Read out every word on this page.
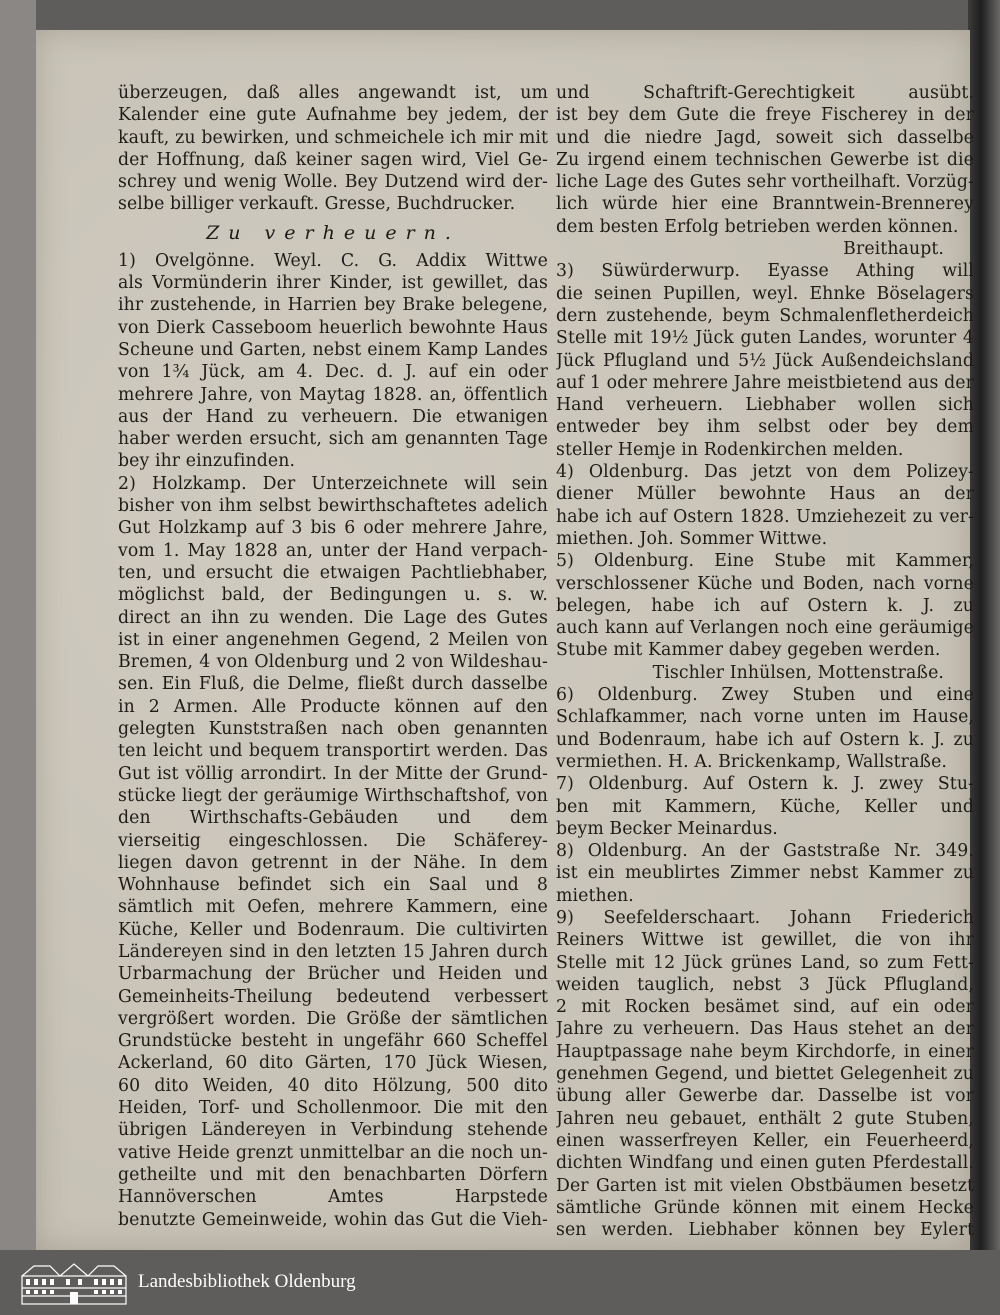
überzeugen, daß alles angewandt ist, um
Kalender eine gute Aufnahme bey jedem, der
kauft, zu bewirken, und schmeichele ich mir mit
der Hoffnung, daß keiner sagen wird, Viel Ge-
schrey und wenig Wolle. Bey Dutzend wird der-
selbe billiger verkauft. Gresse, Buchdrucker.
Zu verheuern.
1) Ovelgönne. Weyl. C. G. Addix Wittwe
als Vormünderin ihrer Kinder, ist gewillet, das
ihr zustehende, in Harrien bey Brake belegene,
von Dierk Casseboom heuerlich bewohnte Haus
Scheune und Garten, nebst einem Kamp Landes
von 1¾ Jück, am 4. Dec. d. J. auf ein oder
mehrere Jahre, von Maytag 1828. an, öffentlich
aus der Hand zu verheuern. Die etwanigen
haber werden ersucht, sich am genannten Tage
bey ihr einzufinden.
2) Holzkamp. Der Unterzeichnete will sein
bisher von ihm selbst bewirthschaftetes adelich
Gut Holzkamp auf 3 bis 6 oder mehrere Jahre,
vom 1. May 1828 an, unter der Hand verpach-
ten, und ersucht die etwaigen Pachtliebhaber,
möglichst bald, der Bedingungen u. s. w.
direct an ihn zu wenden. Die Lage des Gutes
ist in einer angenehmen Gegend, 2 Meilen von
Bremen, 4 von Oldenburg und 2 von Wildeshau-
sen. Ein Fluß, die Delme, fließt durch dasselbe
in 2 Armen. Alle Producte können auf den
gelegten Kunststraßen nach oben genannten
ten leicht und bequem transportirt werden. Das
Gut ist völlig arrondirt. In der Mitte der Grund-
stücke liegt der geräumige Wirthschaftshof, von
den Wirthschafts-Gebäuden und dem
vierseitig eingeschlossen. Die Schäferey-
liegen davon getrennt in der Nähe. In dem
Wohnhause befindet sich ein Saal und 8
sämtlich mit Oefen, mehrere Kammern, eine
Küche, Keller und Bodenraum. Die cultivirten
Ländereyen sind in den letzten 15 Jahren durch
Urbarmachung der Brücher und Heiden und
Gemeinheits-Theilung bedeutend verbessert
vergrößert worden. Die Größe der sämtlichen
Grundstücke besteht in ungefähr 660 Scheffel
Ackerland, 60 dito Gärten, 170 Jück Wiesen,
60 dito Weiden, 40 dito Hölzung, 500 dito
Heiden, Torf- und Schollenmoor. Die mit den
übrigen Ländereyen in Verbindung stehende
vative Heide grenzt unmittelbar an die noch un-
getheilte und mit den benachbarten Dörfern
Hannöverschen Amtes Harpstede
benutzte Gemeinweide, wohin das Gut die Vieh-
und Schaftrift-Gerechtigkeit ausübt.
ist bey dem Gute die freye Fischerey in der
und die niedre Jagd, soweit sich dasselbe
Zu irgend einem technischen Gewerbe ist die
liche Lage des Gutes sehr vortheilhaft. Vorzüg-
lich würde hier eine Branntwein-Brennerey
dem besten Erfolg betrieben werden können.
Breithaupt.
3) Süwürderwurp. Eyasse Athing will
die seinen Pupillen, weyl. Ehnke Böselagers
dern zustehende, beym Schmalenfletherdeich
Stelle mit 19½ Jück guten Landes, worunter 4
Jück Pflugland und 5½ Jück Außendeichsland
auf 1 oder mehrere Jahre meistbietend aus der
Hand verheuern. Liebhaber wollen sich
entweder bey ihm selbst oder bey dem
steller Hemje in Rodenkirchen melden.
4) Oldenburg. Das jetzt von dem Polizey-
diener Müller bewohnte Haus an der
habe ich auf Ostern 1828. Umziehezeit zu ver-
miethen. Joh. Sommer Wittwe.
5) Oldenburg. Eine Stube mit Kammer,
verschlossener Küche und Boden, nach vorne
belegen, habe ich auf Ostern k. J. zu
auch kann auf Verlangen noch eine geräumige
Stube mit Kammer dabey gegeben werden.
Tischler Inhülsen, Mottenstraße.
6) Oldenburg. Zwey Stuben und eine
Schlafkammer, nach vorne unten im Hause,
und Bodenraum, habe ich auf Ostern k. J. zu
vermiethen. H. A. Brickenkamp, Wallstraße.
7) Oldenburg. Auf Ostern k. J. zwey Stu-
ben mit Kammern, Küche, Keller und
beym Becker Meinardus.
8) Oldenburg. An der Gaststraße Nr. 349.
ist ein meublirtes Zimmer nebst Kammer zu
miethen.
9) Seefelderschaart. Johann Friederich
Reiners Wittwe ist gewillet, die von ihr
Stelle mit 12 Jück grünes Land, so zum Fett-
weiden tauglich, nebst 3 Jück Pflugland,
2 mit Rocken besämet sind, auf ein oder
Jahre zu verheuern. Das Haus stehet an der
Hauptpassage nahe beym Kirchdorfe, in einer
genehmen Gegend, und biettet Gelegenheit zu
übung aller Gewerbe dar. Dasselbe ist vor
Jahren neu gebauet, enthält 2 gute Stuben,
einen wasserfreyen Keller, ein Feuerheerd,
dichten Windfang und einen guten Pferdestall.
Der Garten ist mit vielen Obstbäumen besetzt
sämtliche Gründe können mit einem Hecke
sen werden. Liebhaber können bey Eylert
Landesbibliothek Oldenburg
